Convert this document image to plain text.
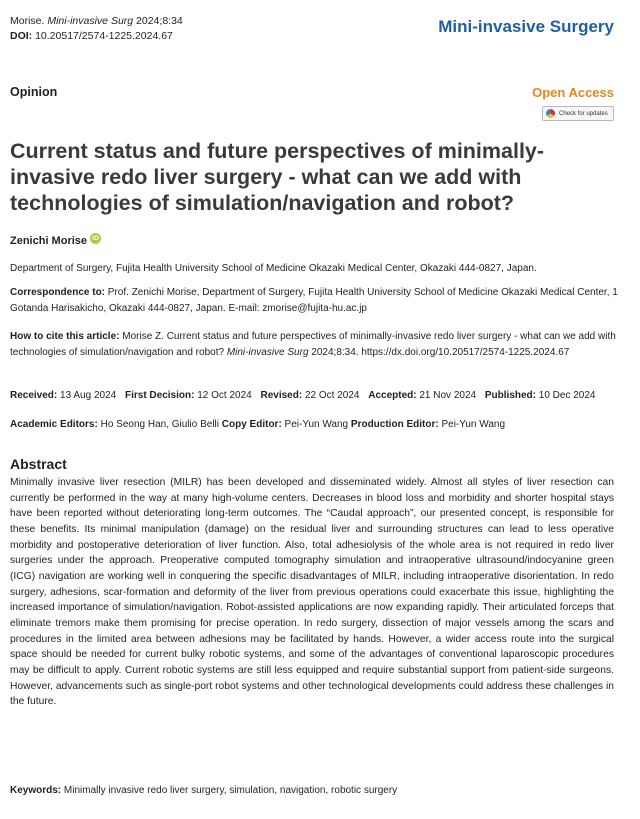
Morise. Mini-invasive Surg 2024;8:34
DOI: 10.20517/2574-1225.2024.67	Mini-invasive Surgery
Opinion	Open Access
Check for updates
Current status and future perspectives of minimally-invasive redo liver surgery - what can we add with technologies of simulation/navigation and robot?
Zenichi Morise iD
Department of Surgery, Fujita Health University School of Medicine Okazaki Medical Center, Okazaki 444-0827, Japan.
Correspondence to: Prof. Zenichi Morise, Department of Surgery, Fujita Health University School of Medicine Okazaki Medical Center, 1 Gotanda Harisakicho, Okazaki 444-0827, Japan. E-mail: zmorise@fujita-hu.ac.jp
How to cite this article: Morise Z. Current status and future perspectives of minimally-invasive redo liver surgery - what can we add with technologies of simulation/navigation and robot? Mini-invasive Surg 2024;8:34. https://dx.doi.org/10.20517/2574-1225.2024.67
Received: 13 Aug 2024 First Decision: 12 Oct 2024 Revised: 22 Oct 2024 Accepted: 21 Nov 2024 Published: 10 Dec 2024
Academic Editors: Ho Seong Han, Giulio Belli Copy Editor: Pei-Yun Wang Production Editor: Pei-Yun Wang
Abstract
Minimally invasive liver resection (MILR) has been developed and disseminated widely. Almost all styles of liver resection can currently be performed in the way at many high-volume centers. Decreases in blood loss and morbidity and shorter hospital stays have been reported without deteriorating long-term outcomes. The “Caudal approach”, our presented concept, is responsible for these benefits. Its minimal manipulation (damage) on the residual liver and surrounding structures can lead to less operative morbidity and postoperative deterioration of liver function. Also, total adhesiolysis of the whole area is not required in redo liver surgeries under the approach. Preoperative computed tomography simulation and intraoperative ultrasound/indocyanine green (ICG) navigation are working well in conquering the specific disadvantages of MILR, including intraoperative disorientation. In redo surgery, adhesions, scar-formation and deformity of the liver from previous operations could exacerbate this issue, highlighting the increased importance of simulation/navigation. Robot-assisted applications are now expanding rapidly. Their articulated forceps that eliminate tremors make them promising for precise operation. In redo surgery, dissection of major vessels among the scars and procedures in the limited area between adhesions may be facilitated by hands. However, a wider access route into the surgical space should be needed for current bulky robotic systems, and some of the advantages of conventional laparoscopic procedures may be difficult to apply. Current robotic systems are still less equipped and require substantial support from patient-side surgeons. However, advancements such as single-port robot systems and other technological developments could address these challenges in the future.
Keywords: Minimally invasive redo liver surgery, simulation, navigation, robotic surgery
